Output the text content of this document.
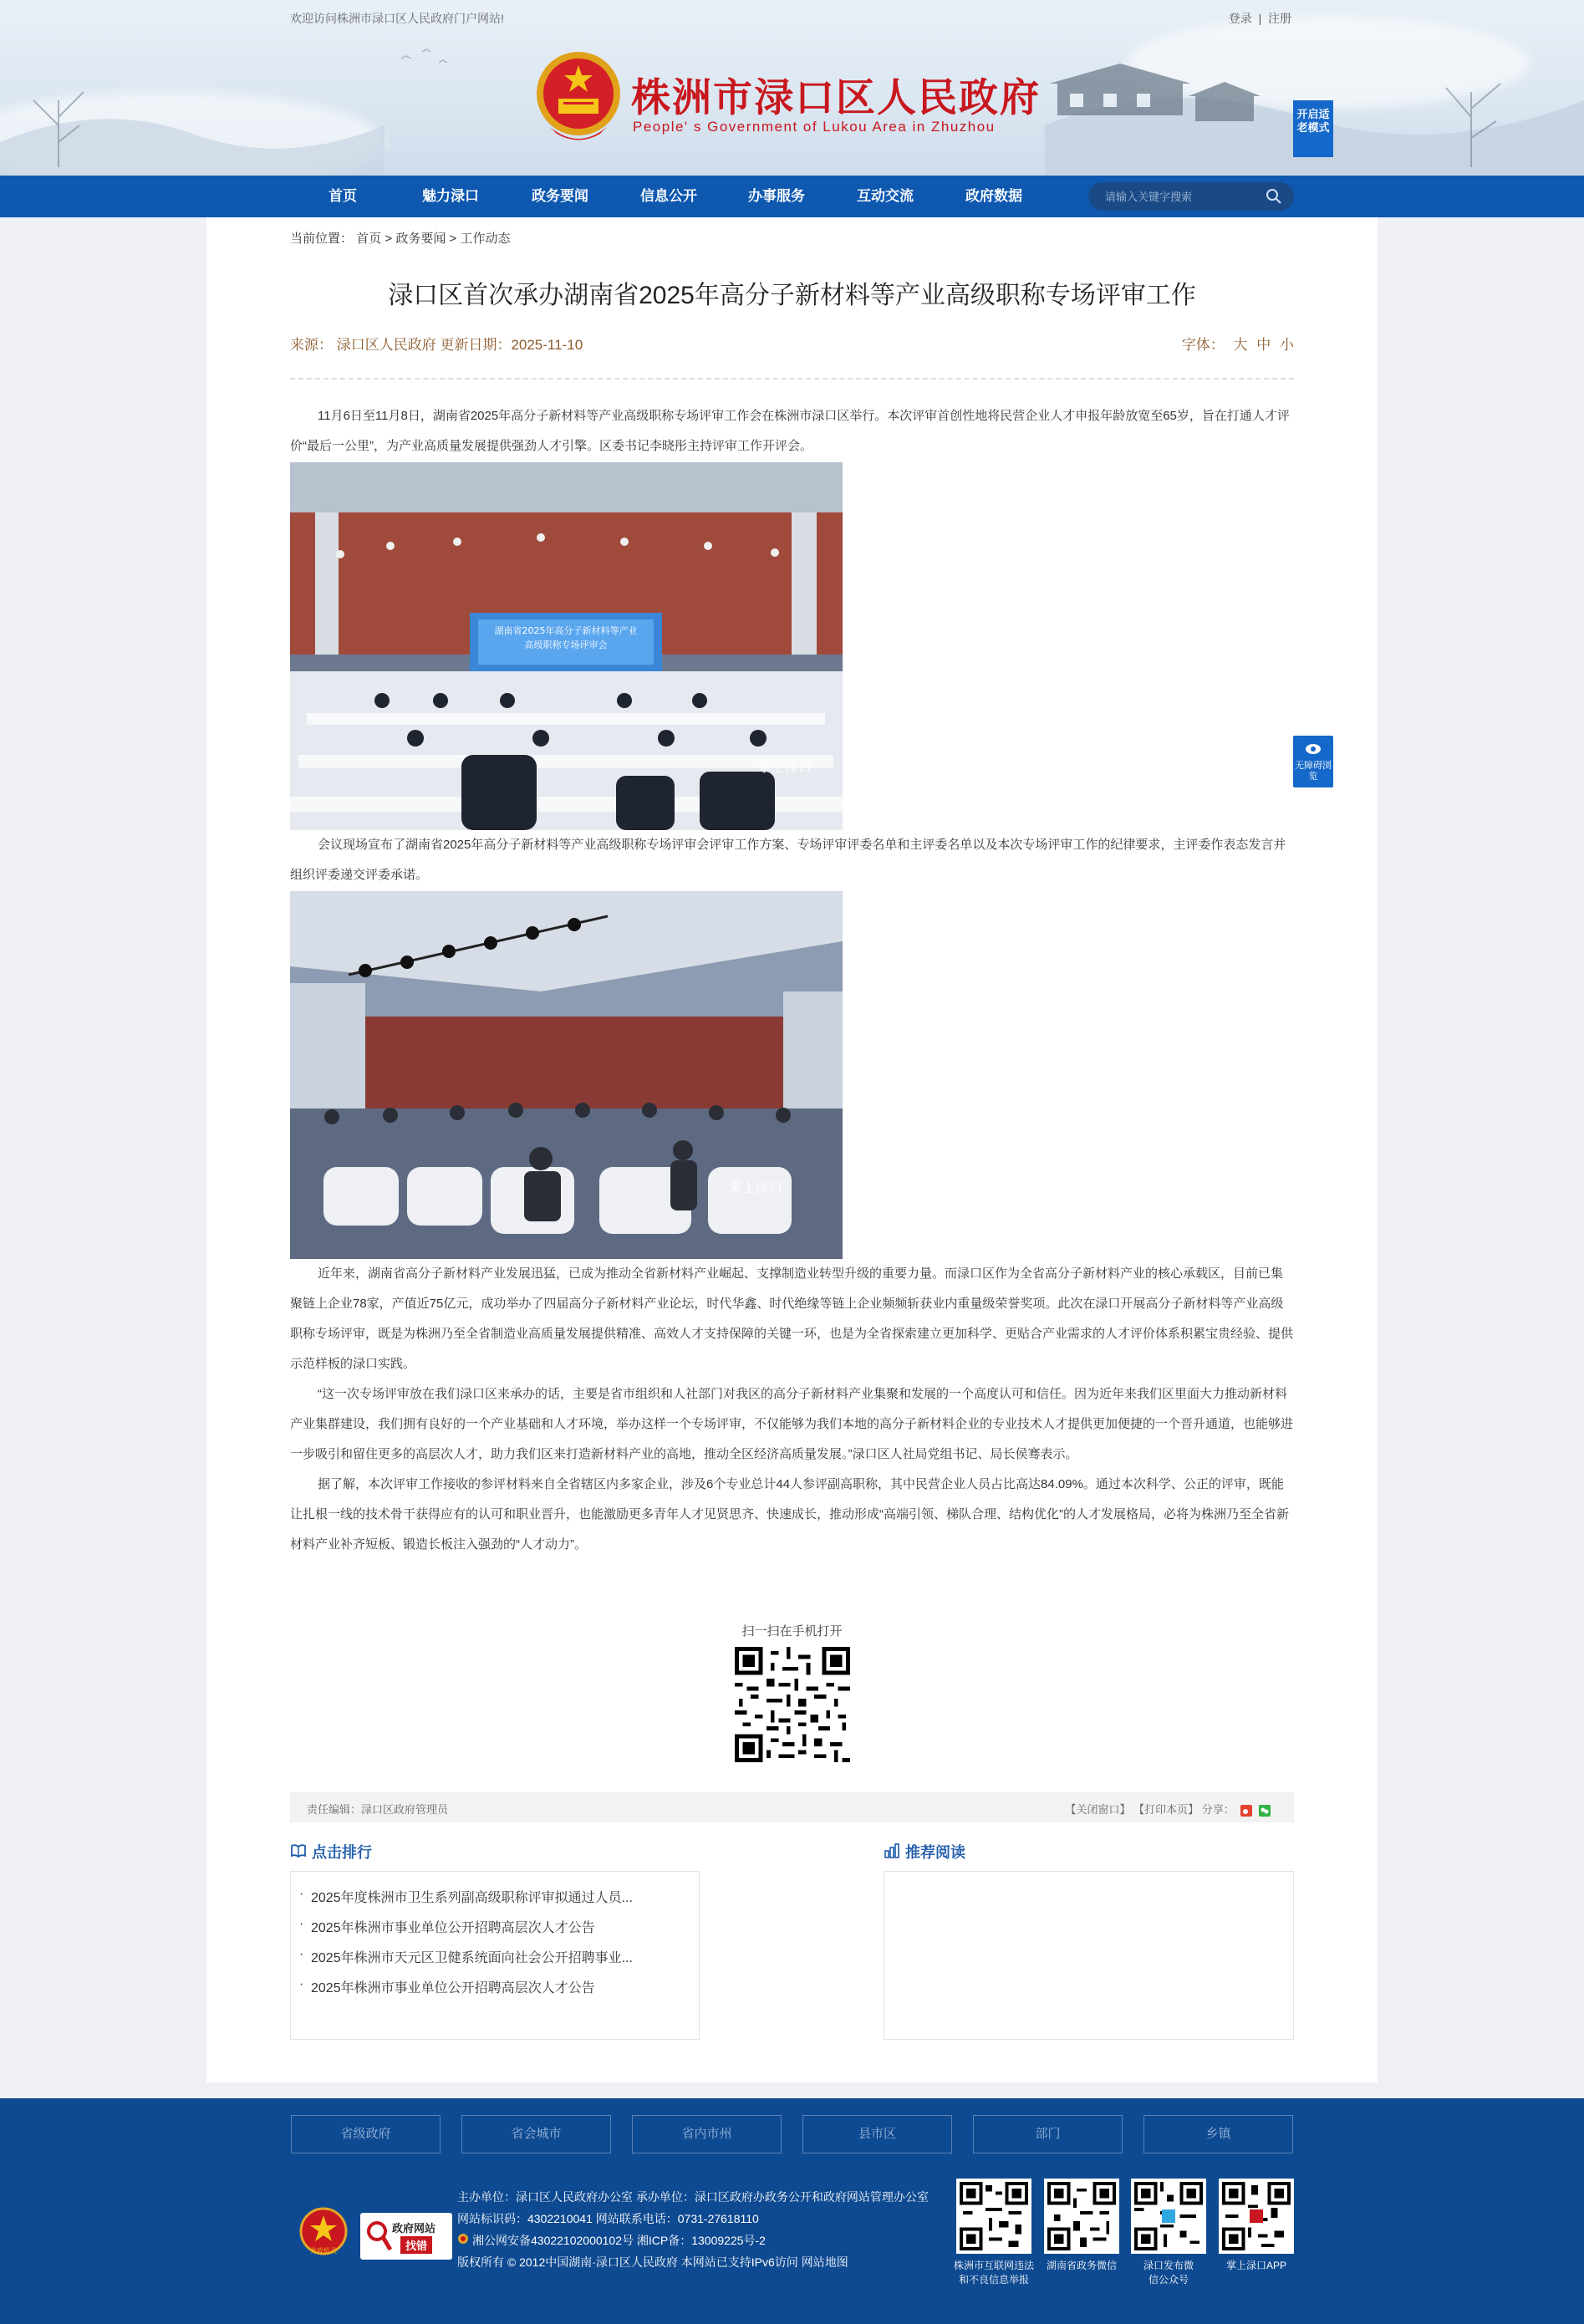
欢迎访问株洲市渌口区人民政府门户网站!	登录  |  注册
株洲市渌口区人民政府
People' s Government of Lukou Area in Zhuzhou
开启适老模式
首页	魅力渌口	政务要闻	信息公开	办事服务	互动交流	政府数据
请输入关键字搜索
当前位置： 首页 > 政务要闻 > 工作动态
渌口区首次承办湖南省2025年高分子新材料等产业高级职称专场评审工作
来源： 渌口区人民政府 更新日期：2025-11-10	字体： 大 中 小

11月6日至11月8日，湖南省2025年高分子新材料等产业高级职称专场评审工作会在株洲市渌口区举行。本次评审首创性地将民营企业人才申报年龄放宽至65岁，旨在打通人才评价“最后一公里”，为产业高质量发展提供强劲人才引擎。区委书记李晓彤主持评审工作开评会。

湖南省2025年高分子新材料等产业
高级职称专场评审会
掌上渌口

会议现场宣布了湖南省2025年高分子新材料等产业高级职称专场评审会评审工作方案、专场评审评委名单和主评委名单以及本次专场评审工作的纪律要求，主评委作表态发言并组织评委递交评委承诺。

掌上渌口

近年来，湖南省高分子新材料产业发展迅猛，已成为推动全省新材料产业崛起、支撑制造业转型升级的重要力量。而渌口区作为全省高分子新材料产业的核心承载区，目前已集聚链上企业78家，产值近75亿元，成功举办了四届高分子新材料产业论坛，时代华鑫、时代绝缘等链上企业频频斩获业内重量级荣誉奖项。此次在渌口开展高分子新材料等产业高级职称专场评审，既是为株洲乃至全省制造业高质量发展提供精准、高效人才支持保障的关键一环，也是为全省探索建立更加科学、更贴合产业需求的人才评价体系积累宝贵经验、提供示范样板的渌口实践。

“这一次专场评审放在我们渌口区来承办的话，主要是省市组织和人社部门对我区的高分子新材料产业集聚和发展的一个高度认可和信任。因为近年来我们区里面大力推动新材料产业集群建设，我们拥有良好的一个产业基础和人才环境，举办这样一个专场评审，不仅能够为我们本地的高分子新材料企业的专业技术人才提供更加便捷的一个晋升通道，也能够进一步吸引和留住更多的高层次人才，助力我们区来打造新材料产业的高地，推动全区经济高质量发展。”渌口区人社局党组书记、局长侯骞表示。

据了解，本次评审工作接收的参评材料来自全省辖区内多家企业，涉及6个专业总计44人参评副高职称，其中民营企业人员占比高达84.09%。通过本次科学、公正的评审，既能让扎根一线的技术骨干获得应有的认可和职业晋升，也能激励更多青年人才见贤思齐、快速成长，推动形成“高端引领、梯队合理、结构优化”的人才发展格局，必将为株洲乃至全省新材料产业补齐短板、锻造长板注入强劲的“人才动力”。

扫一扫在手机打开
责任编辑：渌口区政府管理员	【关闭窗口】 【打印本页】 分享：
点击排行	推荐阅读
· 2025年度株洲市卫生系列副高级职称评审拟通过人员...
· 2025年株洲市事业单位公开招聘高层次人才公告
· 2025年株洲市天元区卫健系统面向社会公开招聘事业...
· 2025年株洲市事业单位公开招聘高层次人才公告
无障碍浏览
省级政府	省会城市	省内市州	县市区	部门	乡镇
党政机关
政府网站
找错
主办单位：渌口区人民政府办公室 承办单位：渌口区政府办政务公开和政府网站管理办公室
网站标识码：4302210041 网站联系电话：0731-27618110
湘公网安备43022102000102号 湘ICP备：13009225号-2
版权所有 © 2012中国湖南·渌口区人民政府 本网站已支持IPv6访问 网站地图	株洲市互联网违法和不良信息举报
湖南省政务微信	渌口发布微信公众号
掌上渌口APP
